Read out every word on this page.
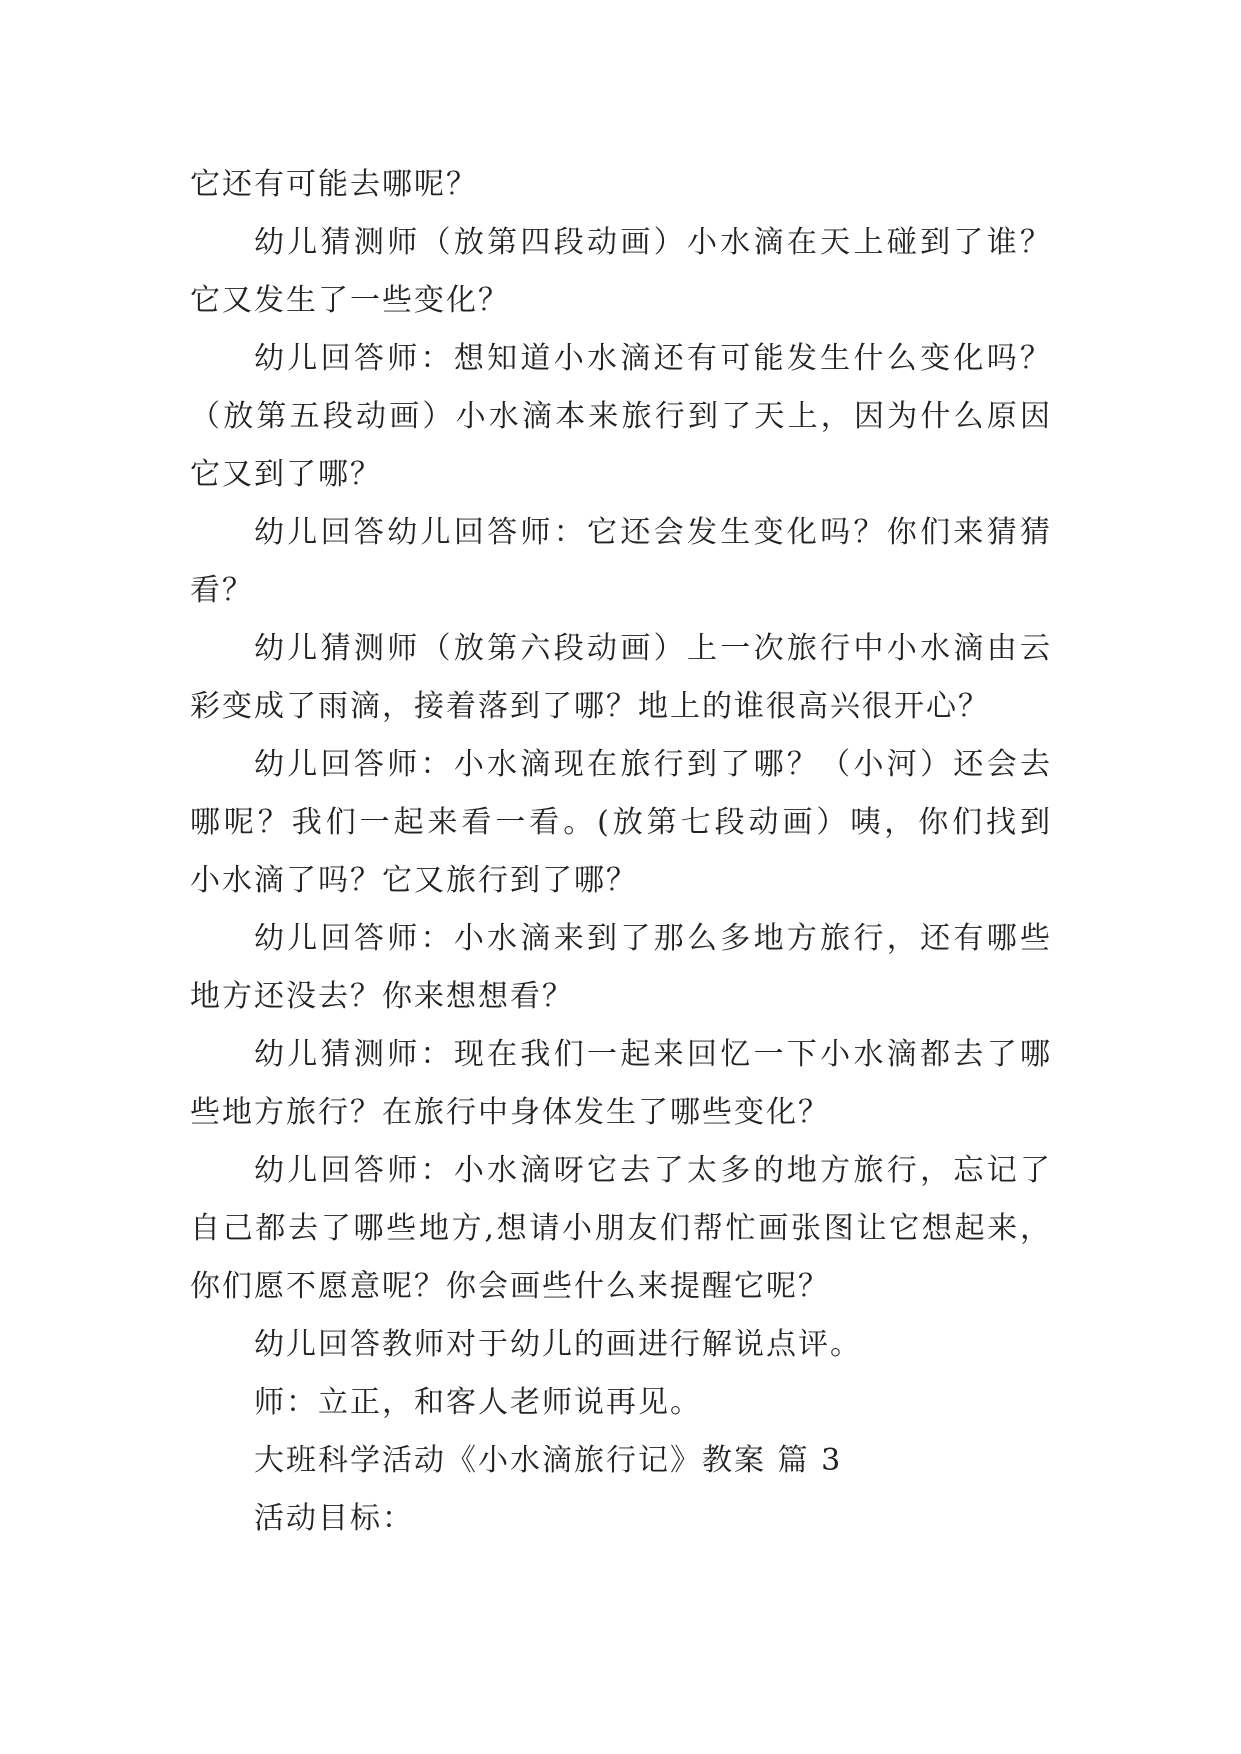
它还有可能去哪呢？
幼儿猜测师（放第四段动画）小水滴在天上碰到了谁？
它又发生了一些变化？
幼儿回答师：想知道小水滴还有可能发生什么变化吗？
（放第五段动画）小水滴本来旅行到了天上，因为什么原因
它又到了哪？
幼儿回答幼儿回答师：它还会发生变化吗？你们来猜猜
看？
幼儿猜测师（放第六段动画）上一次旅行中小水滴由云
彩变成了雨滴，接着落到了哪？地上的谁很高兴很开心？
幼儿回答师：小水滴现在旅行到了哪？（小河）还会去
哪呢？我们一起来看一看。(放第七段动画）咦，你们找到
小水滴了吗？它又旅行到了哪？
幼儿回答师：小水滴来到了那么多地方旅行，还有哪些
地方还没去？你来想想看？
幼儿猜测师：现在我们一起来回忆一下小水滴都去了哪
些地方旅行？在旅行中身体发生了哪些变化？
幼儿回答师：小水滴呀它去了太多的地方旅行，忘记了
自己都去了哪些地方,想请小朋友们帮忙画张图让它想起来，
你们愿不愿意呢？你会画些什么来提醒它呢？
幼儿回答教师对于幼儿的画进行解说点评。
师：立正，和客人老师说再见。
大班科学活动《小水滴旅行记》教案 篇 3
活动目标：
